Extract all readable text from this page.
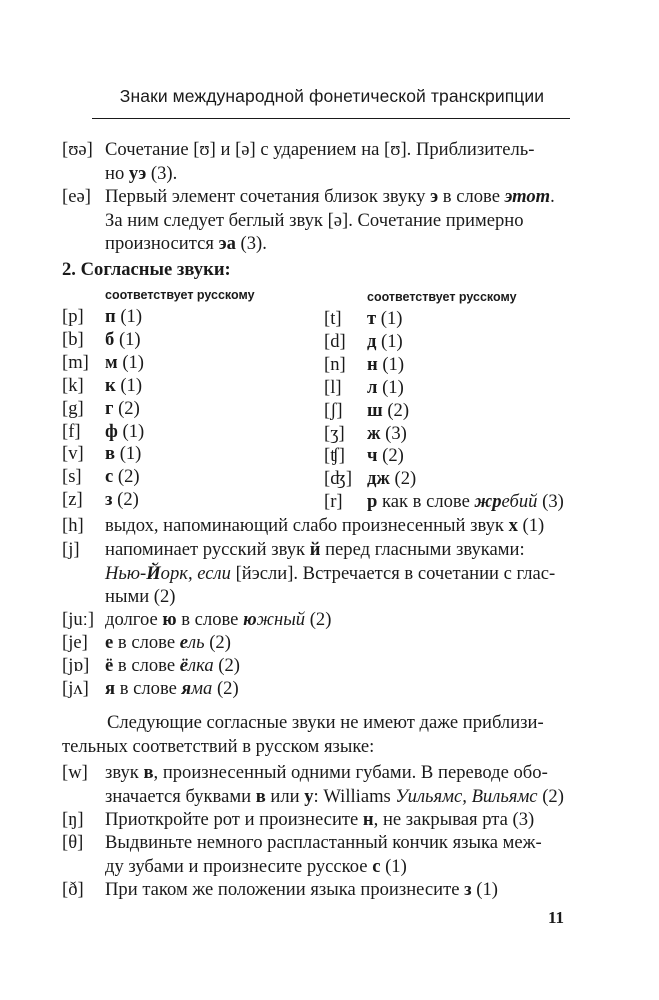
Знаки международной фонетической транскрипции
[ʊə] Сочетание [ʊ] и [ə] с ударением на [ʊ]. Приблизитель-
но уэ (3).
[eə] Первый элемент сочетания близок звуку э в слове этот.
За ним следует беглый звук [ə]. Сочетание примерно
произносится эа (3).
2. Согласные звуки:
соответствует русскому	соответствует русскому
[p] п (1)
[b] б (1)
[m] м (1)
[k] к (1)
[g] г (2)
[f] ф (1)
[v] в (1)
[s] с (2)
[z] з (2)
[t] т (1)
[d] д (1)
[n] н (1)
[l] л (1)
[ʃ] ш (2)
[ʒ] ж (3)
[ʧ] ч (2)
[ʤ] дж (2)
[r] р как в слове жребий (3)
[h] выдох, напоминающий слабо произнесенный звук х (1)
[j] напоминает русский звук й перед гласными звуками:
Нью-Йорк, если [йэсли]. Встречается в сочетании с глас-
ными (2)
[juː] долгое ю в слове южный (2)
[je] е в слове ель (2)
[jɒ] ё в слове ёлка (2)
[jʌ] я в слове яма (2)
Следующие согласные звуки не имеют даже приблизи-
тельных соответствий в русском языке:
[w] звук в, произнесенный одними губами. В переводе обо-
значается буквами в или у: Williams Уильямс, Вильямс (2)
[ŋ] Приоткройте рот и произнесите н, не закрывая рта (3)
[θ] Выдвиньте немного распластанный кончик языка меж-
ду зубами и произнесите русское с (1)
[ð] При таком же положении языка произнесите з (1)
11
